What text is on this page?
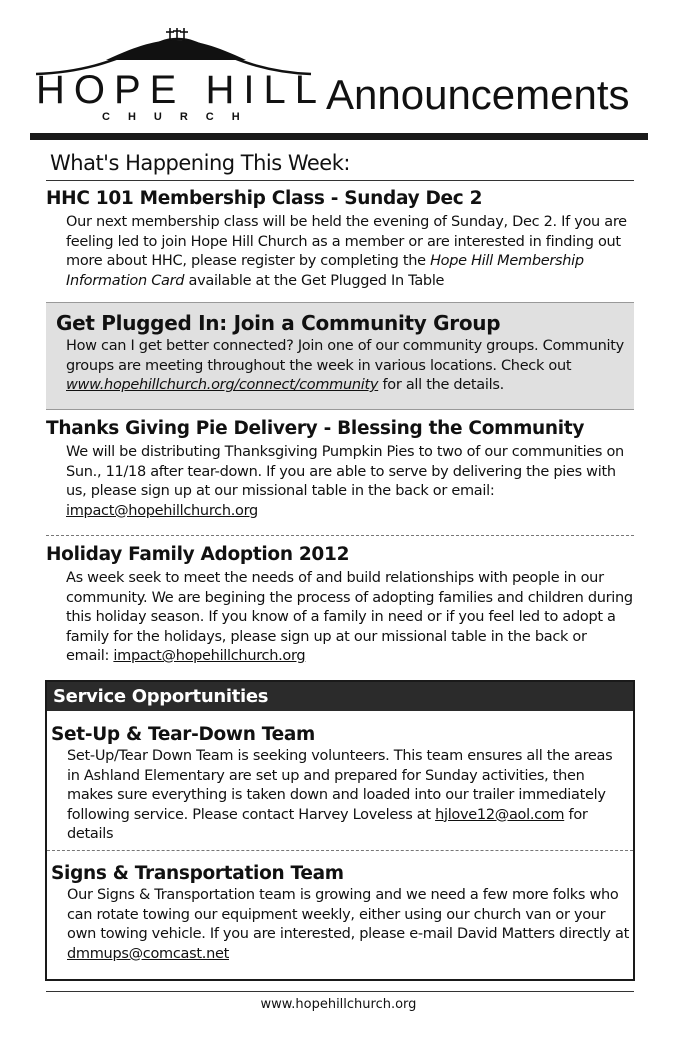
HOPE HILL
CHURCH Announcements
What's Happening This Week:
HHC 101 Membership Class - Sunday Dec 2

Our next membership class will be held the evening of Sunday, Dec 2. If you are feeling led to join Hope Hill Church as a member or are interested in finding out more about HHC, please register by completing the Hope Hill Membership Information Card available at the Get Plugged In Table

Get Plugged In: Join a Community Group

How can I get better connected? Join one of our community groups. Community groups are meeting throughout the week in various locations. Check out www.hopehillchurch.org/connect/community for all the details.

Thanks Giving Pie Delivery - Blessing the Community

We will be distributing Thanksgiving Pumpkin Pies to two of our communities on Sun., 11/18 after tear-down. If you are able to serve by delivering the pies with us, please sign up at our missional table in the back or email:
impact@hopehillchurch.org

Holiday Family Adoption 2012

As week seek to meet the needs of and build relationships with people in our community. We are begining the process of adopting families and children during this holiday season. If you know of a family in need or if you feel led to adopt a family for the holidays, please sign up at our missional table in the back or email: impact@hopehillchurch.org

Service Opportunities
Set-Up & Tear-Down Team

Set-Up/Tear Down Team is seeking volunteers. This team ensures all the areas in Ashland Elementary are set up and prepared for Sunday activities, then makes sure everything is taken down and loaded into our trailer immediately following service. Please contact Harvey Loveless at hjlove12@aol.com for details

Signs & Transportation Team

Our Signs & Transportation team is growing and we need a few more folks who can rotate towing our equipment weekly, either using our church van or your own towing vehicle. If you are interested, please e-mail David Matters directly at dmmups@comcast.net

www.hopehillchurch.org
